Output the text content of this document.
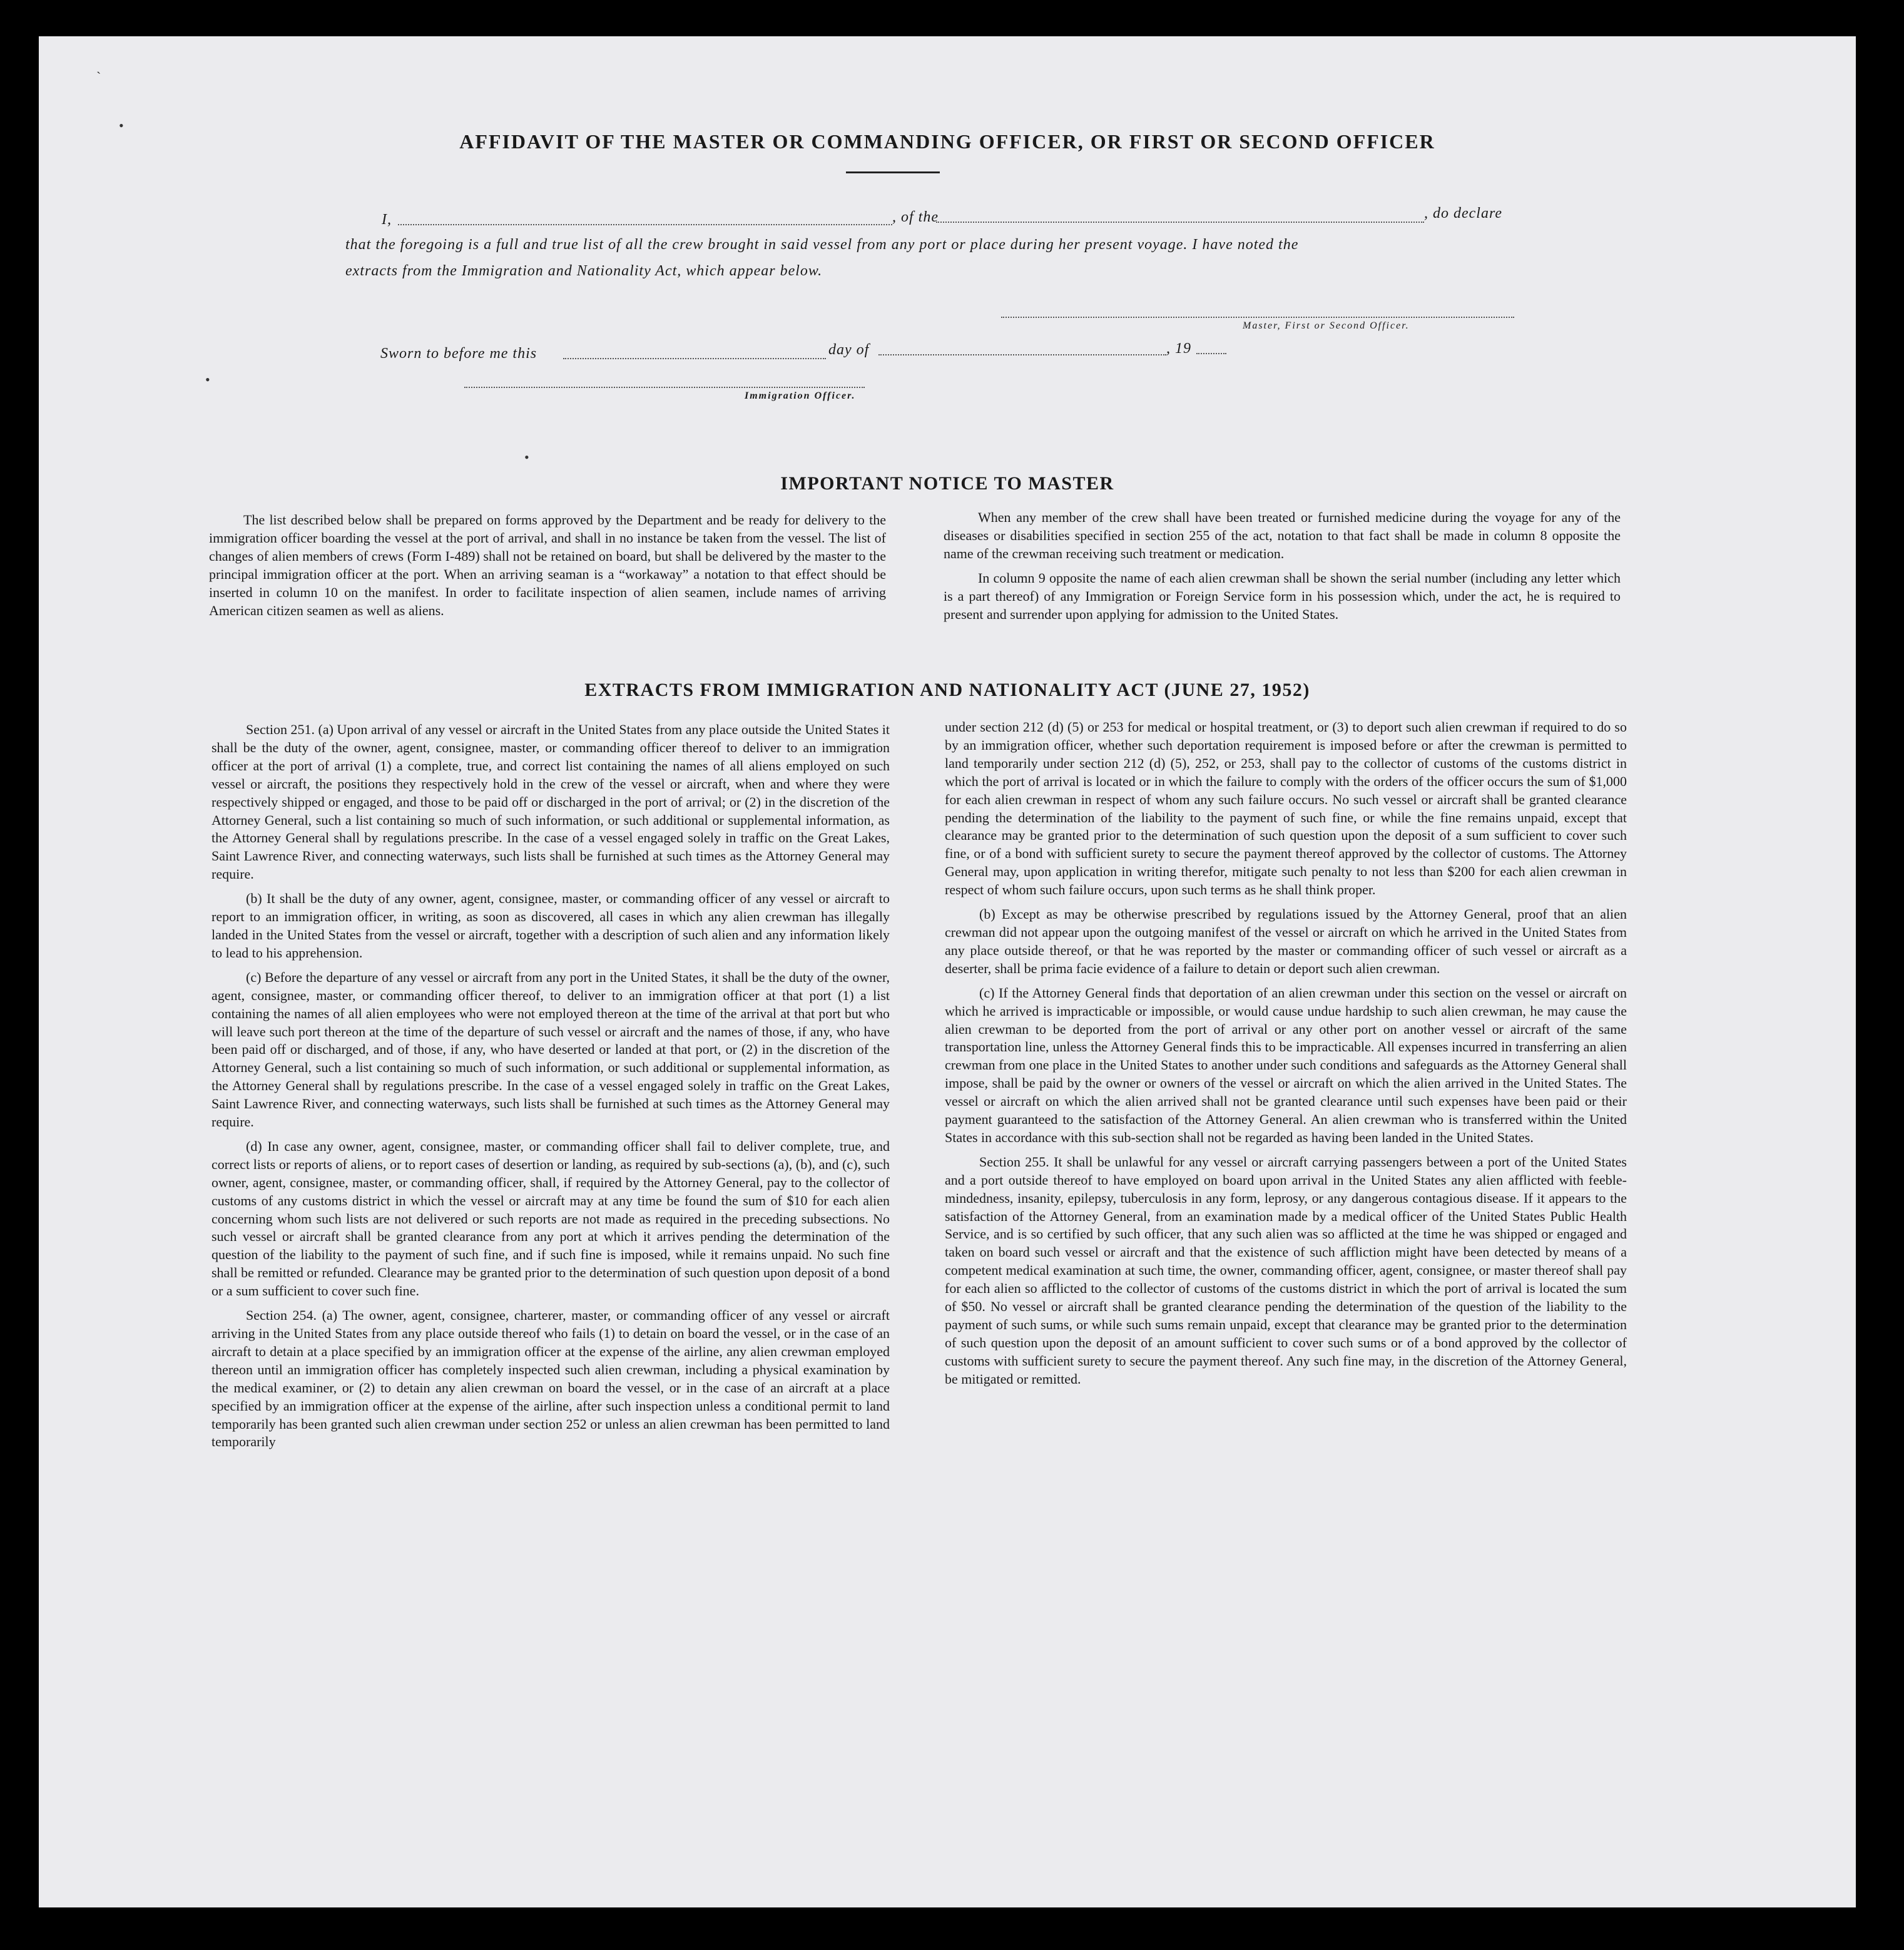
`
•
AFFIDAVIT OF THE MASTER OR COMMANDING OFFICER, OR FIRST OR SECOND OFFICER
I,	, of the	, do declare
that the foregoing is a full and true list of all the crew brought in said vessel from any port or place during her present voyage. I have noted the
extracts from the Immigration and Nationality Act, which appear below.
Master, First or Second Officer.
Sworn to before me this	day of	, 19
Immigration Officer.
•
•
IMPORTANT NOTICE TO MASTER

The list described below shall be prepared on forms approved by the Department and be ready for delivery to the immigration officer boarding the vessel at the port of arrival, and shall in no instance be taken from the vessel. The list of changes of alien members of crews (Form I-489) shall not be retained on board, but shall be delivered by the master to the principal immigration officer at the port. When an arriving seaman is a “workaway” a notation to that effect should be inserted in column 10 on the manifest. In order to facilitate inspection of alien seamen, include names of arriving American citizen seamen as well as aliens.

When any member of the crew shall have been treated or furnished medicine during the voyage for any of the diseases or disabilities specified in section 255 of the act, notation to that fact shall be made in column 8 opposite the name of the crewman receiving such treatment or medication.

In column 9 opposite the name of each alien crewman shall be shown the serial number (including any letter which is a part thereof) of any Immigration or Foreign Service form in his possession which, under the act, he is required to present and surrender upon applying for admission to the United States.

EXTRACTS FROM IMMIGRATION AND NATIONALITY ACT (JUNE 27, 1952)

Section 251. (a) Upon arrival of any vessel or aircraft in the United States from any place outside the United States it shall be the duty of the owner, agent, consignee, master, or commanding officer thereof to deliver to an immigration officer at the port of arrival (1) a complete, true, and correct list containing the names of all aliens employed on such vessel or aircraft, the positions they respectively hold in the crew of the vessel or aircraft, when and where they were respectively shipped or engaged, and those to be paid off or discharged in the port of arrival; or (2) in the discretion of the Attorney General, such a list containing so much of such information, or such additional or supplemental information, as the Attorney General shall by regulations prescribe. In the case of a vessel engaged solely in traffic on the Great Lakes, Saint Lawrence River, and connecting waterways, such lists shall be furnished at such times as the Attorney General may require.

(b) It shall be the duty of any owner, agent, consignee, master, or commanding officer of any vessel or aircraft to report to an immigration officer, in writing, as soon as discovered, all cases in which any alien crewman has illegally landed in the United States from the vessel or aircraft, together with a description of such alien and any information likely to lead to his apprehension.

(c) Before the departure of any vessel or aircraft from any port in the United States, it shall be the duty of the owner, agent, consignee, master, or commanding officer thereof, to deliver to an immigration officer at that port (1) a list containing the names of all alien employees who were not employed thereon at the time of the arrival at that port but who will leave such port thereon at the time of the departure of such vessel or aircraft and the names of those, if any, who have been paid off or discharged, and of those, if any, who have deserted or landed at that port, or (2) in the discretion of the Attorney General, such a list containing so much of such information, or such additional or supplemental information, as the Attorney General shall by regulations prescribe. In the case of a vessel engaged solely in traffic on the Great Lakes, Saint Lawrence River, and connecting waterways, such lists shall be furnished at such times as the Attorney General may require.

(d) In case any owner, agent, consignee, master, or commanding officer shall fail to deliver complete, true, and correct lists or reports of aliens, or to report cases of desertion or landing, as required by sub-sections (a), (b), and (c), such owner, agent, consignee, master, or commanding officer, shall, if required by the Attorney General, pay to the collector of customs of any customs district in which the vessel or aircraft may at any time be found the sum of $10 for each alien concerning whom such lists are not delivered or such reports are not made as required in the preceding subsections. No such vessel or aircraft shall be granted clearance from any port at which it arrives pending the determination of the question of the liability to the payment of such fine, and if such fine is imposed, while it remains unpaid. No such fine shall be remitted or refunded. Clearance may be granted prior to the determination of such question upon deposit of a bond or a sum sufficient to cover such fine.

Section 254. (a) The owner, agent, consignee, charterer, master, or commanding officer of any vessel or aircraft arriving in the United States from any place outside thereof who fails (1) to detain on board the vessel, or in the case of an aircraft to detain at a place specified by an immigration officer at the expense of the airline, any alien crewman employed thereon until an immigration officer has completely inspected such alien crewman, including a physical examination by the medical examiner, or (2) to detain any alien crewman on board the vessel, or in the case of an aircraft at a place specified by an immigration officer at the expense of the airline, after such inspection unless a conditional permit to land temporarily has been granted such alien crewman under section 252 or unless an alien crewman has been permitted to land temporarily

under section 212 (d) (5) or 253 for medical or hospital treatment, or (3) to deport such alien crewman if required to do so by an immigration officer, whether such deportation requirement is imposed before or after the crewman is permitted to land temporarily under section 212 (d) (5), 252, or 253, shall pay to the collector of customs of the customs district in which the port of arrival is located or in which the failure to comply with the orders of the officer occurs the sum of $1,000 for each alien crewman in respect of whom any such failure occurs. No such vessel or aircraft shall be granted clearance pending the determination of the liability to the payment of such fine, or while the fine remains unpaid, except that clearance may be granted prior to the determination of such question upon the deposit of a sum sufficient to cover such fine, or of a bond with sufficient surety to secure the payment thereof approved by the collector of customs. The Attorney General may, upon application in writing therefor, mitigate such penalty to not less than $200 for each alien crewman in respect of whom such failure occurs, upon such terms as he shall think proper.

(b) Except as may be otherwise prescribed by regulations issued by the Attorney General, proof that an alien crewman did not appear upon the outgoing manifest of the vessel or aircraft on which he arrived in the United States from any place outside thereof, or that he was reported by the master or commanding officer of such vessel or aircraft as a deserter, shall be prima facie evidence of a failure to detain or deport such alien crewman.

(c) If the Attorney General finds that deportation of an alien crewman under this section on the vessel or aircraft on which he arrived is impracticable or impossible, or would cause undue hardship to such alien crewman, he may cause the alien crewman to be deported from the port of arrival or any other port on another vessel or aircraft of the same transportation line, unless the Attorney General finds this to be impracticable. All expenses incurred in transferring an alien crewman from one place in the United States to another under such conditions and safeguards as the Attorney General shall impose, shall be paid by the owner or owners of the vessel or aircraft on which the alien arrived in the United States. The vessel or aircraft on which the alien arrived shall not be granted clearance until such expenses have been paid or their payment guaranteed to the satisfaction of the Attorney General. An alien crewman who is transferred within the United States in accordance with this sub-section shall not be regarded as having been landed in the United States.

Section 255. It shall be unlawful for any vessel or aircraft carrying passengers between a port of the United States and a port outside thereof to have employed on board upon arrival in the United States any alien afflicted with feeble-mindedness, insanity, epilepsy, tuberculosis in any form, leprosy, or any dangerous contagious disease. If it appears to the satisfaction of the Attorney General, from an examination made by a medical officer of the United States Public Health Service, and is so certified by such officer, that any such alien was so afflicted at the time he was shipped or engaged and taken on board such vessel or aircraft and that the existence of such affliction might have been detected by means of a competent medical examination at such time, the owner, commanding officer, agent, consignee, or master thereof shall pay for each alien so afflicted to the collector of customs of the customs district in which the port of arrival is located the sum of $50. No vessel or aircraft shall be granted clearance pending the determination of the question of the liability to the payment of such sums, or while such sums remain unpaid, except that clearance may be granted prior to the determination of such question upon the deposit of an amount sufficient to cover such sums or of a bond approved by the collector of customs with sufficient surety to secure the payment thereof. Any such fine may, in the discretion of the Attorney General, be mitigated or remitted.
